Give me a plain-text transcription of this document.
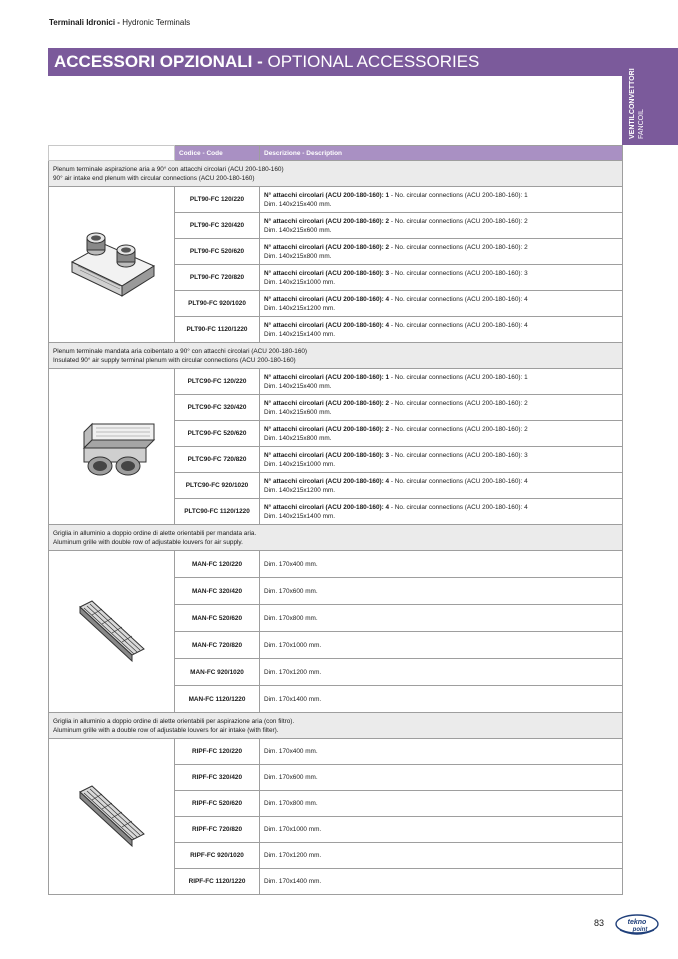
Terminali Idronici - Hydronic Terminals
ACCESSORI OPZIONALI - OPTIONAL ACCESSORIES
VENTILCONVETTORI FANCOIL
	Codice - Code	Descrizione - Description

Plenum terminale aspirazione aria a 90° con attacchi circolari (ACU 200-180-160)
90° air intake end plenum with circular connections (ACU 200-180-160)		

	PLT90-FC 120/220	N° attacchi circolari (ACU 200-180-160): 1 - No. circular connections (ACU 200-180-160): 1
Dim. 140x215x400 mm.

	PLT90-FC 320/420	N° attacchi circolari (ACU 200-180-160): 2 - No. circular connections (ACU 200-180-160): 2
Dim. 140x215x600 mm.

	PLT90-FC 520/620	N° attacchi circolari (ACU 200-180-160): 2 - No. circular connections (ACU 200-180-160): 2
Dim. 140x215x800 mm.

	PLT90-FC 720/820	N° attacchi circolari (ACU 200-180-160): 3 - No. circular connections (ACU 200-180-160): 3
Dim. 140x215x1000 mm.

	PLT90-FC 920/1020	N° attacchi circolari (ACU 200-180-160): 4 - No. circular connections (ACU 200-180-160): 4
Dim. 140x215x1200 mm.

	PLT90-FC 1120/1220	N° attacchi circolari (ACU 200-180-160): 4 - No. circular connections (ACU 200-180-160): 4
Dim. 140x215x1400 mm.

Plenum terminale mandata aria coibentato a 90° con attacchi circolari (ACU 200-180-160)
Insulated 90° air supply terminal plenum with circular connections (ACU 200-180-160)		

	PLTC90-FC 120/220	N° attacchi circolari (ACU 200-180-160): 1 - No. circular connections (ACU 200-180-160): 1
Dim. 140x215x400 mm.

	PLTC90-FC 320/420	N° attacchi circolari (ACU 200-180-160): 2 - No. circular connections (ACU 200-180-160): 2
Dim. 140x215x600 mm.

	PLTC90-FC 520/620	N° attacchi circolari (ACU 200-180-160): 2 - No. circular connections (ACU 200-180-160): 2
Dim. 140x215x800 mm.

	PLTC90-FC 720/820	N° attacchi circolari (ACU 200-180-160): 3 - No. circular connections (ACU 200-180-160): 3
Dim. 140x215x1000 mm.

	PLTC90-FC 920/1020	N° attacchi circolari (ACU 200-180-160): 4 - No. circular connections (ACU 200-180-160): 4
Dim. 140x215x1200 mm.

	PLTC90-FC 1120/1220	N° attacchi circolari (ACU 200-180-160): 4 - No. circular connections (ACU 200-180-160): 4
Dim. 140x215x1400 mm.

Griglia in alluminio a doppio ordine di alette orientabili per mandata aria.
Aluminum grille with double row of adjustable louvers for air supply.		

	MAN-FC 120/220	Dim. 170x400 mm.
	MAN-FC 320/420	Dim. 170x600 mm.
	MAN-FC 520/620	Dim. 170x800 mm.
	MAN-FC 720/820	Dim. 170x1000 mm.
	MAN-FC 920/1020	Dim. 170x1200 mm.
	MAN-FC 1120/1220	Dim. 170x1400 mm.

Griglia in alluminio a doppio ordine di alette orientabili per aspirazione aria (con filtro).
Aluminum grille with a double row of adjustable louvers for air intake (with filter).		

	RIPF-FC 120/220	Dim. 170x400 mm.
	RIPF-FC 320/420	Dim. 170x600 mm.
	RIPF-FC 520/620	Dim. 170x800 mm.
	RIPF-FC 720/820	Dim. 170x1000 mm.
	RIPF-FC 920/1020	Dim. 170x1200 mm.
	RIPF-FC 1120/1220	Dim. 170x1400 mm.
83	tekno
point
